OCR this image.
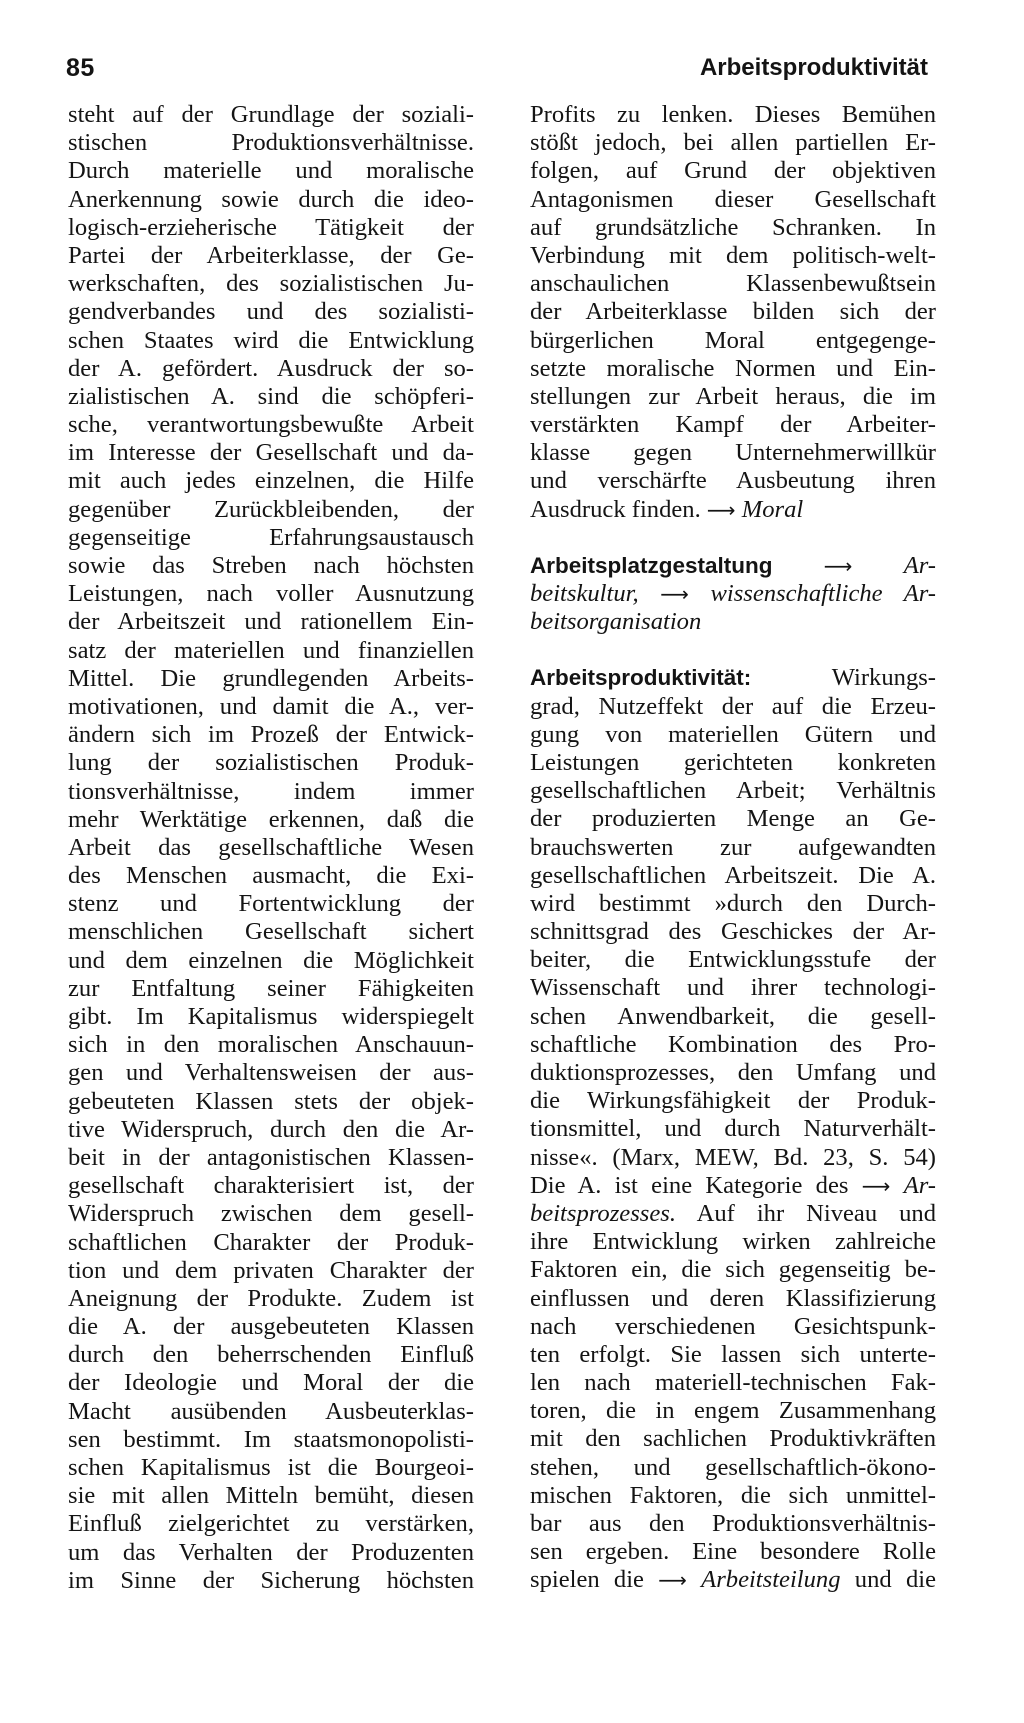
85	Arbeitsproduktivität
steht auf der Grundlage der soziali-
stischen Produktionsverhältnisse.
Durch materielle und moralische
Anerkennung sowie durch die ideo-
logisch-erzieherische Tätigkeit der
Partei der Arbeiterklasse, der Ge-
werkschaften, des sozialistischen Ju-
gendverbandes und des sozialisti-
schen Staates wird die Entwicklung
der A. gefördert. Ausdruck der so-
zialistischen A. sind die schöpferi-
sche, verantwortungsbewußte Arbeit
im Interesse der Gesellschaft und da-
mit auch jedes einzelnen, die Hilfe
gegenüber Zurückbleibenden, der
gegenseitige Erfahrungsaustausch
sowie das Streben nach höchsten
Leistungen, nach voller Ausnutzung
der Arbeitszeit und rationellem Ein-
satz der materiellen und finanziellen
Mittel. Die grundlegenden Arbeits-
motivationen, und damit die A., ver-
ändern sich im Prozeß der Entwick-
lung der sozialistischen Produk-
tionsverhältnisse, indem immer
mehr Werktätige erkennen, daß die
Arbeit das gesellschaftliche Wesen
des Menschen ausmacht, die Exi-
stenz und Fortentwicklung der
menschlichen Gesellschaft sichert
und dem einzelnen die Möglichkeit
zur Entfaltung seiner Fähigkeiten
gibt. Im Kapitalismus widerspiegelt
sich in den moralischen Anschauun-
gen und Verhaltensweisen der aus-
gebeuteten Klassen stets der objek-
tive Widerspruch, durch den die Ar-
beit in der antagonistischen Klassen-
gesellschaft charakterisiert ist, der
Widerspruch zwischen dem gesell-
schaftlichen Charakter der Produk-
tion und dem privaten Charakter der
Aneignung der Produkte. Zudem ist
die A. der ausgebeuteten Klassen
durch den beherrschenden Einfluß
der Ideologie und Moral der die
Macht ausübenden Ausbeuterklas-
sen bestimmt. Im staatsmonopolisti-
schen Kapitalismus ist die Bourgeoi-
sie mit allen Mitteln bemüht, diesen
Einfluß zielgerichtet zu verstärken,
um das Verhalten der Produzenten
im Sinne der Sicherung höchsten
Profits zu lenken. Dieses Bemühen
stößt jedoch, bei allen partiellen Er-
folgen, auf Grund der objektiven
Antagonismen dieser Gesellschaft
auf grundsätzliche Schranken. In
Verbindung mit dem politisch-welt-
anschaulichen Klassenbewußtsein
der Arbeiterklasse bilden sich der
bürgerlichen Moral entgegenge-
setzte moralische Normen und Ein-
stellungen zur Arbeit heraus, die im
verstärkten Kampf der Arbeiter-
klasse gegen Unternehmerwillkür
und verschärfte Ausbeutung ihren
Ausdruck finden. ⟶ Moral
Arbeitsplatzgestaltung	⟶ Ar-
beitskultur, ⟶ wissenschaftliche Ar-
beitsorganisation
Arbeitsproduktivität:	Wirkungs-
grad, Nutzeffekt der auf die Erzeu-
gung von materiellen Gütern und
Leistungen gerichteten konkreten
gesellschaftlichen Arbeit; Verhältnis
der produzierten Menge an Ge-
brauchswerten zur aufgewandten
gesellschaftlichen Arbeitszeit. Die A.
wird bestimmt »durch den Durch-
schnittsgrad des Geschickes der Ar-
beiter, die Entwicklungsstufe der
Wissenschaft und ihrer technologi-
schen Anwendbarkeit, die gesell-
schaftliche Kombination des Pro-
duktionsprozesses, den Umfang und
die Wirkungsfähigkeit der Produk-
tionsmittel, und durch Naturverhält-
nisse«. (Marx, MEW, Bd. 23, S. 54)
Die A. ist eine Kategorie des ⟶ Ar-
beitsprozesses. Auf ihr Niveau und
ihre Entwicklung wirken zahlreiche
Faktoren ein, die sich gegenseitig be-
einflussen und deren Klassifizierung
nach verschiedenen Gesichtspunk-
ten erfolgt. Sie lassen sich unterte-
len nach materiell-technischen Fak-
toren, die in engem Zusammenhang
mit den sachlichen Produktivkräften
stehen, und gesellschaftlich-ökono-
mischen Faktoren, die sich unmittel-
bar aus den Produktionsverhältnis-
sen ergeben. Eine besondere Rolle
spielen die ⟶ Arbeitsteilung und die
